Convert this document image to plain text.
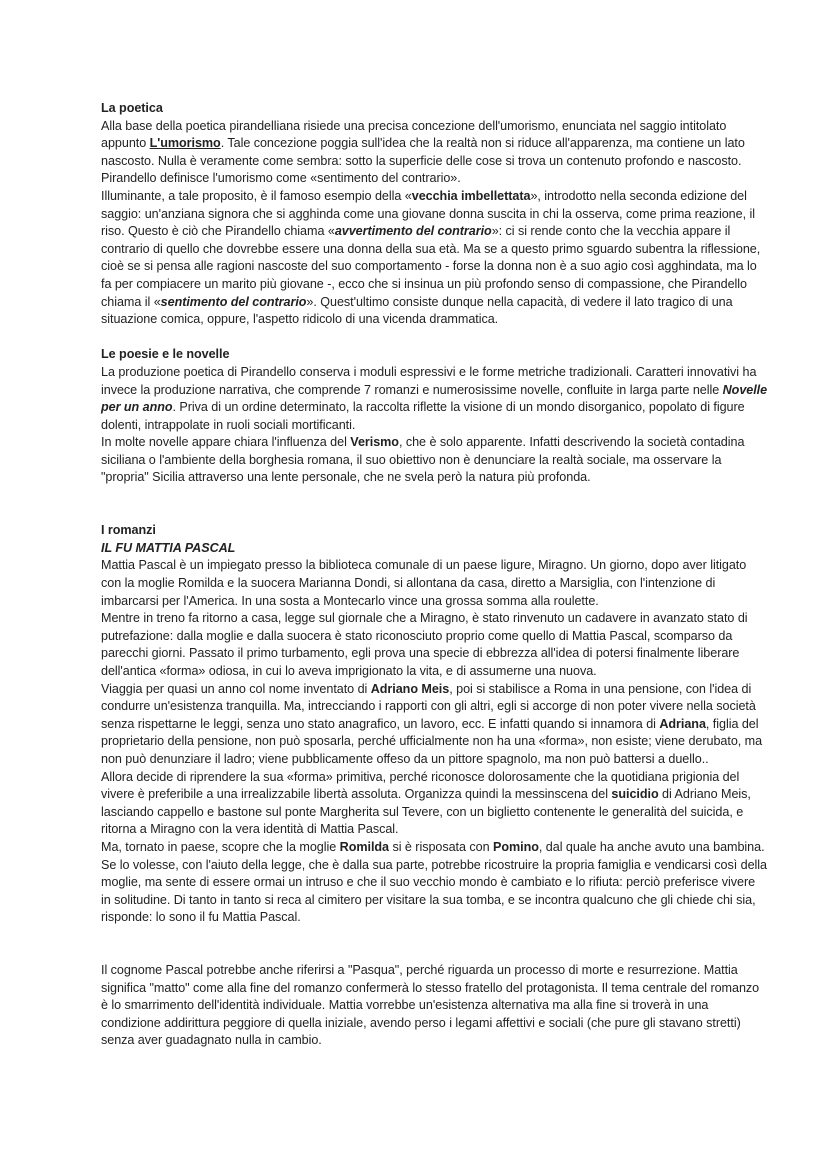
La poetica

Alla base della poetica pirandelliana risiede una precisa concezione dell'umorismo, enunciata nel saggio intitolato appunto L'umorismo. Tale concezione poggia sull'idea che la realtà non si riduce all'apparenza, ma contiene un lato nascosto. Nulla è veramente come sembra: sotto la superficie delle cose si trova un contenuto profondo e nascosto. Pirandello definisce l'umorismo come «sentimento del contrario».

Illuminante, a tale proposito, è il famoso esempio della «vecchia imbellettata», introdotto nella seconda edizione del saggio: un'anziana signora che si agghinda come una giovane donna suscita in chi la osserva, come prima reazione, il riso. Questo è ciò che Pirandello chiama «avvertimento del contrario»: ci si rende conto che la vecchia appare il contrario di quello che dovrebbe essere una donna della sua età. Ma se a questo primo sguardo subentra la riflessione, cioè se si pensa alle ragioni nascoste del suo comportamento - forse la donna non è a suo agio così agghindata, ma lo fa per compiacere un marito più giovane -, ecco che si insinua un più profondo senso di compassione, che Pirandello chiama il «sentimento del contrario». Quest'ultimo consiste dunque nella capacità, di vedere il lato tragico di una situazione comica, oppure, l'aspetto ridicolo di una vicenda drammatica.

Le poesie e le novelle

La produzione poetica di Pirandello conserva i moduli espressivi e le forme metriche tradizionali. Caratteri innovativi ha invece la produzione narrativa, che comprende 7 romanzi e numerosissime novelle, confluite in larga parte nelle Novelle per un anno. Priva di un ordine determinato, la raccolta riflette la visione di un mondo disorganico, popolato di figure dolenti, intrappolate in ruoli sociali mortificanti.

In molte novelle appare chiara l'influenza del Verismo, che è solo apparente. Infatti descrivendo la società contadina siciliana o l'ambiente della borghesia romana, il suo obiettivo non è denunciare la realtà sociale, ma osservare la "propria" Sicilia attraverso una lente personale, che ne svela però la natura più profonda.

I romanzi
IL FU MATTIA PASCAL

Mattia Pascal è un impiegato presso la biblioteca comunale di un paese ligure, Miragno. Un giorno, dopo aver litigato con la moglie Romilda e la suocera Marianna Dondi, si allontana da casa, diretto a Marsiglia, con l'intenzione di imbarcarsi per l'America. In una sosta a Montecarlo vince una grossa somma alla roulette.

Mentre in treno fa ritorno a casa, legge sul giornale che a Miragno, è stato rinvenuto un cadavere in avanzato stato di putrefazione: dalla moglie e dalla suocera è stato riconosciuto proprio come quello di Mattia Pascal, scomparso da parecchi giorni. Passato il primo turbamento, egli prova una specie di ebbrezza all'idea di potersi finalmente liberare dell'antica «forma» odiosa, in cui lo aveva imprigionato la vita, e di assumerne una nuova.

Viaggia per quasi un anno col nome inventato di Adriano Meis, poi si stabilisce a Roma in una pensione, con l'idea di condurre un'esistenza tranquilla. Ma, intrecciando i rapporti con gli altri, egli si accorge di non poter vivere nella società senza rispettarne le leggi, senza uno stato anagrafico, un lavoro, ecc. E infatti quando si innamora di Adriana, figlia del proprietario della pensione, non può sposarla, perché ufficialmente non ha una «forma», non esiste; viene derubato, ma non può denunziare il ladro; viene pubblicamente offeso da un pittore spagnolo, ma non può battersi a duello..

Allora decide di riprendere la sua «forma» primitiva, perché riconosce dolorosamente che la quotidiana prigionia del vivere è preferibile a una irrealizzabile libertà assoluta. Organizza quindi la messinscena del suicidio di Adriano Meis, lasciando cappello e bastone sul ponte Margherita sul Tevere, con un biglietto contenente le generalità del suicida, e ritorna a Miragno con la vera identità di Mattia Pascal.

Ma, tornato in paese, scopre che la moglie Romilda si è risposata con Pomino, dal quale ha anche avuto una bambina. Se lo volesse, con l'aiuto della legge, che è dalla sua parte, potrebbe ricostruire la propria famiglia e vendicarsi così della moglie, ma sente di essere ormai un intruso e che il suo vecchio mondo è cambiato e lo rifiuta: perciò preferisce vivere in solitudine. Di tanto in tanto si reca al cimitero per visitare la sua tomba, e se incontra qualcuno che gli chiede chi sia, risponde: lo sono il fu Mattia Pascal.

Il cognome Pascal potrebbe anche riferirsi a "Pasqua", perché riguarda un processo di morte e resurrezione. Mattia significa "matto" come alla fine del romanzo confermerà lo stesso fratello del protagonista. Il tema centrale del romanzo è lo smarrimento dell'identità individuale. Mattia vorrebbe un'esistenza alternativa ma alla fine si troverà in una condizione addirittura peggiore di quella iniziale, avendo perso i legami affettivi e sociali (che pure gli stavano stretti) senza aver guadagnato nulla in cambio.
